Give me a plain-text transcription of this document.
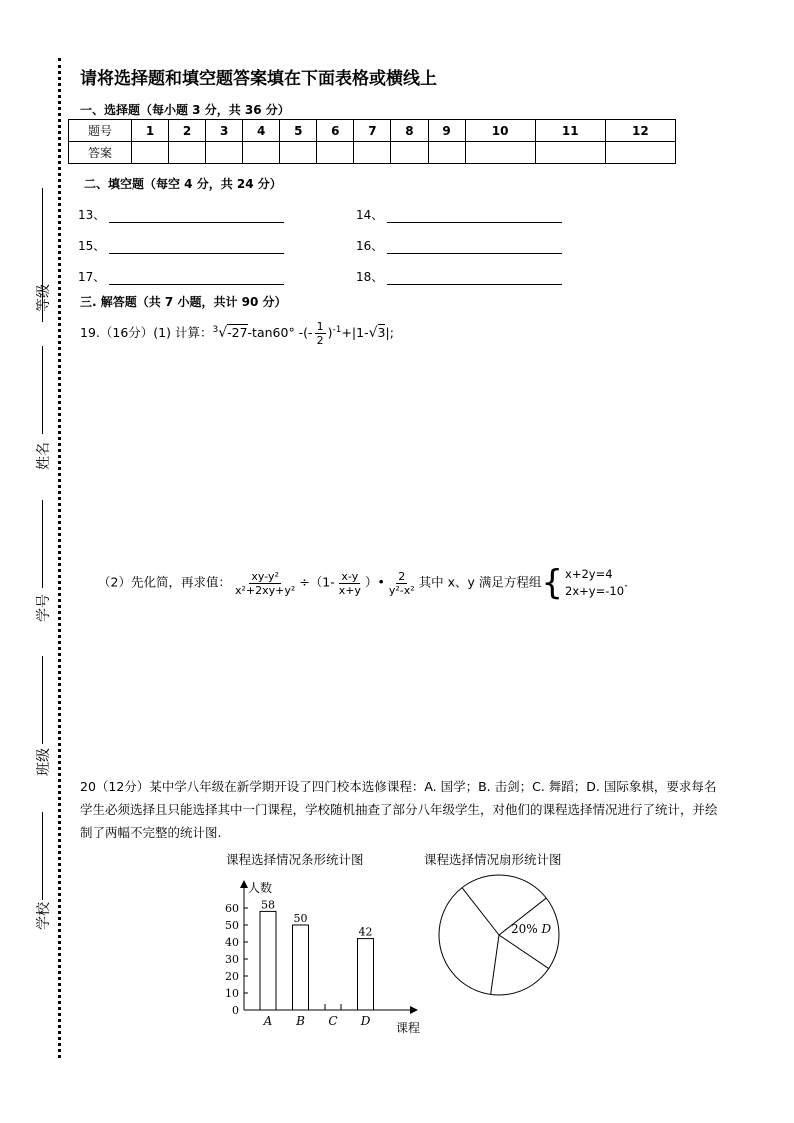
请将选择题和填空题答案填在下面表格或横线上
一、选择题（每小题 3 分，共 36 分）
题号	1	2	3	4	5	6	7	8	9	10	11	12
答案												
二、填空题（每空 4 分，共 24 分）
13、	14、
15、	16、
17、	18、
三. 解答题（共 7 小题，共计 90 分）
等级
姓名
学号
班级
学校
19.（16分）(1) 计算：$^3$√-27-tan60° -(- $\frac{1}{2} )^{-1}+|1-√3|$;
（2）先化简，再求值： $\frac{\text{xy-y²}}{\text{x²+2xy+y²}} \div(1- \frac{x-y}{x+y}$ ）• $\frac{2}{\text{y²-x²}}$ 其中 x、y 满足方程组 { x+2y=4
2x+y=-10
.
20（12分）某中学八年级在新学期开设了四门校本选修课程：A. 国学；B. 击剑；C. 舞蹈；D. 国际象棋，要求每名学生必须选择且只能选择其中一门课程，学校随机抽查了部分八年级学生，对他们的课程选择情况进行了统计，并绘制了两幅不完整的统计图.
课程选择情况条形统计图	课程选择情况扇形统计图
人数
课程
0
10
20
30
40
50
60 58
A
50
B C
42
D
20% D
